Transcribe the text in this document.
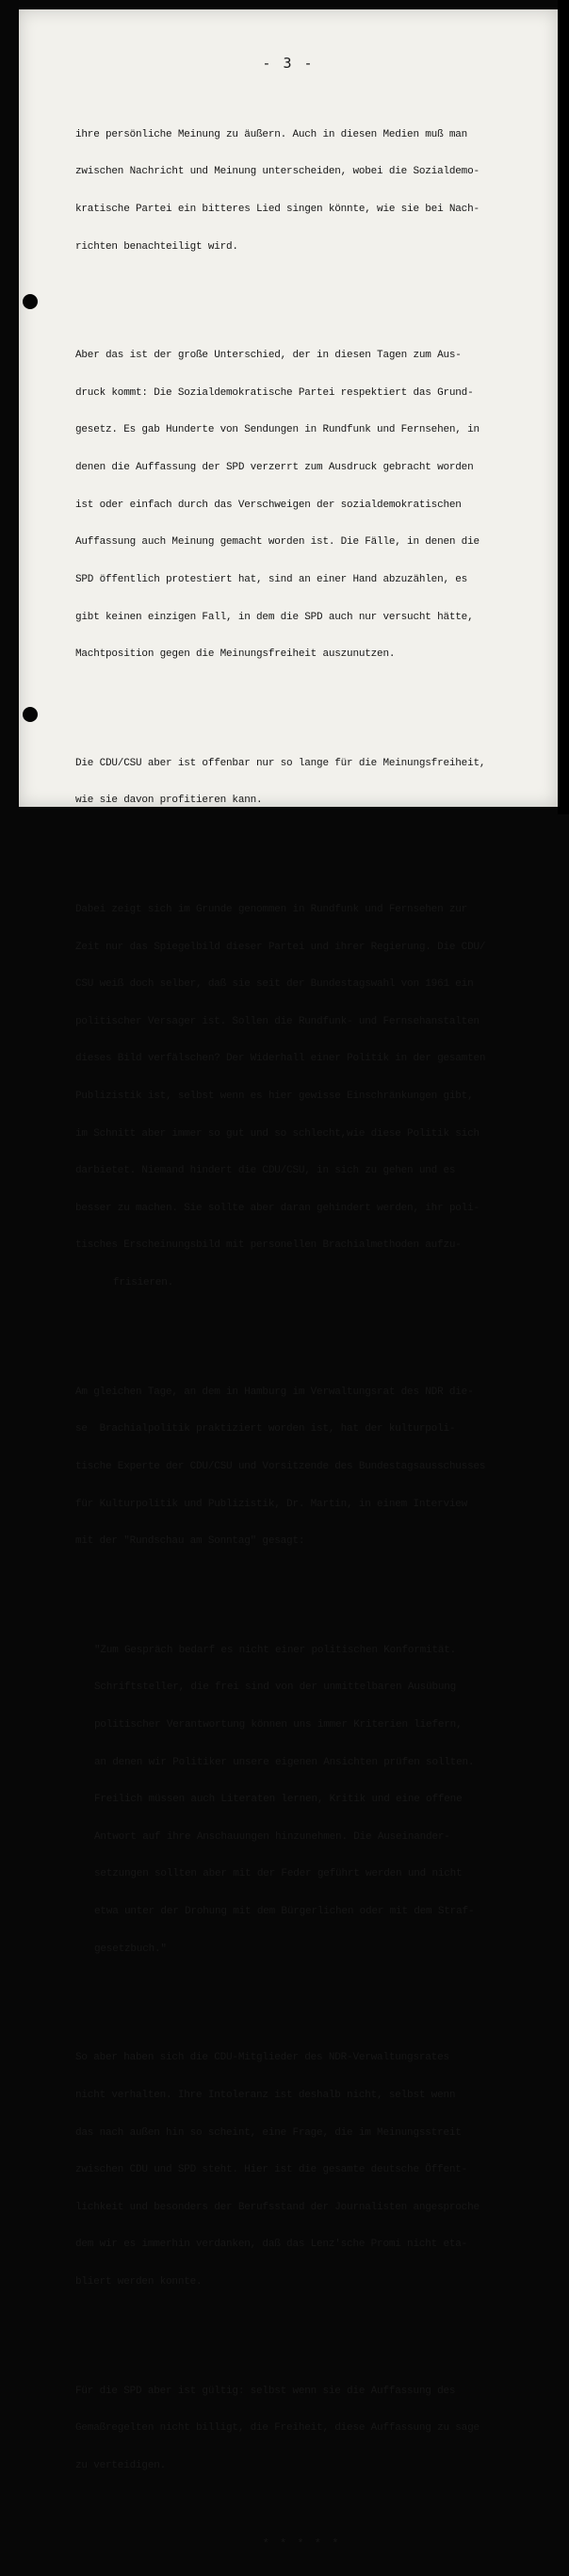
- 3 -

ihre persönliche Meinung zu äußern. Auch in diesen Medien muß man

zwischen Nachricht und Meinung unterscheiden, wobei die Sozialdemo-

kratische Partei ein bitteres Lied singen könnte, wie sie bei Nach-

richten benachteiligt wird.

Aber das ist der große Unterschied, der in diesen Tagen zum Aus-

druck kommt: Die Sozialdemokratische Partei respektiert das Grund-

gesetz. Es gab Hunderte von Sendungen in Rundfunk und Fernsehen, in

denen die Auffassung der SPD verzerrt zum Ausdruck gebracht worden

ist oder einfach durch das Verschweigen der sozialdemokratischen

Auffassung auch Meinung gemacht worden ist. Die Fälle, in denen die

SPD öffentlich protestiert hat, sind an einer Hand abzuzählen, es

gibt keinen einzigen Fall, in dem die SPD auch nur versucht hätte,

Machtposition gegen die Meinungsfreiheit auszunutzen.

Die CDU/CSU aber ist offenbar nur so lange für die Meinungsfreiheit,

wie sie davon profitieren kann.

Dabei zeigt sich im Grunde genommen in Rundfunk und Fernsehen zur

Zeit nur das Spiegelbild dieser Partei und ihrer Regierung. Die CDU/

CSU weiß doch selber, daß sie seit der Bundestagswahl von 1961 ein

politischer Versager ist. Sollen die Rundfunk- und Fernsehanstalten

dieses Bild verfälschen? Der Widerhall einer Politik in der gesamten

Publizistik ist, selbst wenn es hier gewisse Einschränkungen gibt,

im Schnitt aber immer so gut und so schlecht,wie diese Politik sich

darbietet. Niemand hindert die CDU/CSU, in sich zu gehen und es

besser zu machen. Sie sollte aber daran gehindert werden, ihr poli-

tisches Erscheinungsbild mit personellen Brachialmethoden aufzu-

frisieren.

Am gleichen Tage, an dem in Hamburg im Verwaltungsrat des NDR die-

se  Brachialpolitik praktiziert worden ist, hat der kulturpoli-

tische Experte der CDU/CSU und Vorsitzende des Bundestagsausschusses

für Kulturpolitik und Publizistik, Dr. Martin, in einem Interview

mit der "Rundschau am Sonntag" gesagt:

"Zum Gespräch bedarf es nicht einer politischen Konformität.

Schriftsteller, die frei sind von der unmittelbaren Ausübung

politischer Verantwortung können uns immer Kriterien liefern,

an denen wir Politiker unsere eigenen Ansichten prüfen sollten.

Freilich müssen auch Literaten lernen, Kritik und eine offene

Antwort auf ihre Anschauungen hinzunehmen. Die Auseinander-

setzungen sollten aber mit der Feder geführt werden und nicht

etwa unter der Drohung mit dem Bürgerlichen oder mit dem Straf-

gesetzbuch."

So aber haben sich die CDU-Mitglieder des NDR-Verwaltungsrates

nicht verhalten. Ihre Intoleranz ist deshalb nicht, selbst wenn

das nach außen hin so scheint, eine Frage, die im Meinungsstreit

zwischen CDU und SPD steht. Hier ist die gesamte deutsche Öffent-

lichkeit und besonders der Berufsstand der Journalisten angesproche

dem wir es immerhin verdanken, daß das Lenz'sche Promi nicht eta-

bliert werden konnte.

Für die SPD aber ist gültig: selbst wenn sie die Auffassung des

Gemaßregelten nicht billigt, die Freiheit, diese Auffassung zu sage

zu verteidigen.

* * * * *
